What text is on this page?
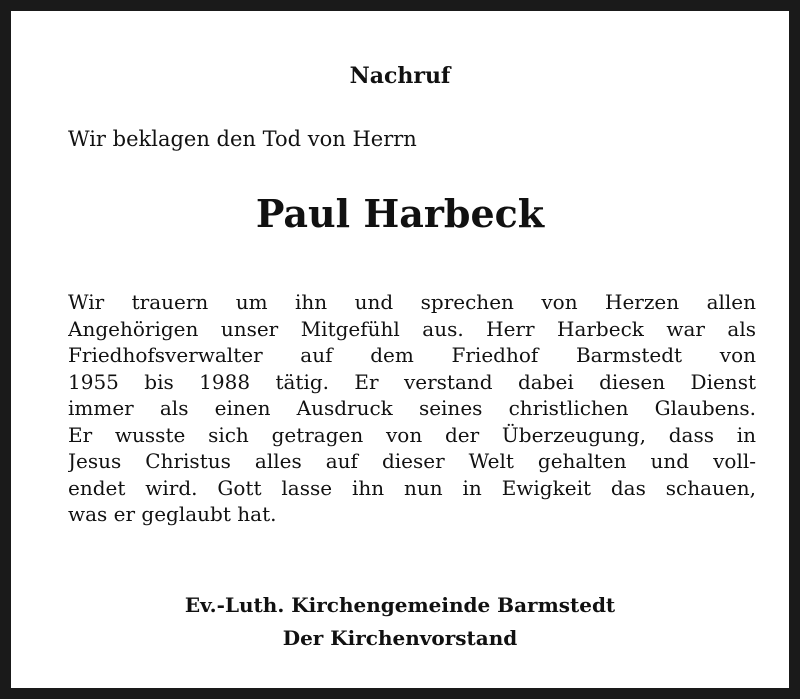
Nachruf
Wir beklagen den Tod von Herrn
Paul Harbeck
Wir trauern um ihn und sprechen von Herzen allen
Angehörigen unser Mitgefühl aus. Herr Harbeck war als
Friedhofsverwalter auf dem Friedhof Barmstedt von
1955 bis 1988 tätig. Er verstand dabei diesen Dienst
immer als einen Ausdruck seines christlichen Glaubens.
Er wusste sich getragen von der Überzeugung, dass in
Jesus Christus alles auf dieser Welt gehalten und voll-
endet wird. Gott lasse ihn nun in Ewigkeit das schauen,
was er geglaubt hat.
Ev.-Luth. Kirchengemeinde Barmstedt
Der Kirchenvorstand
